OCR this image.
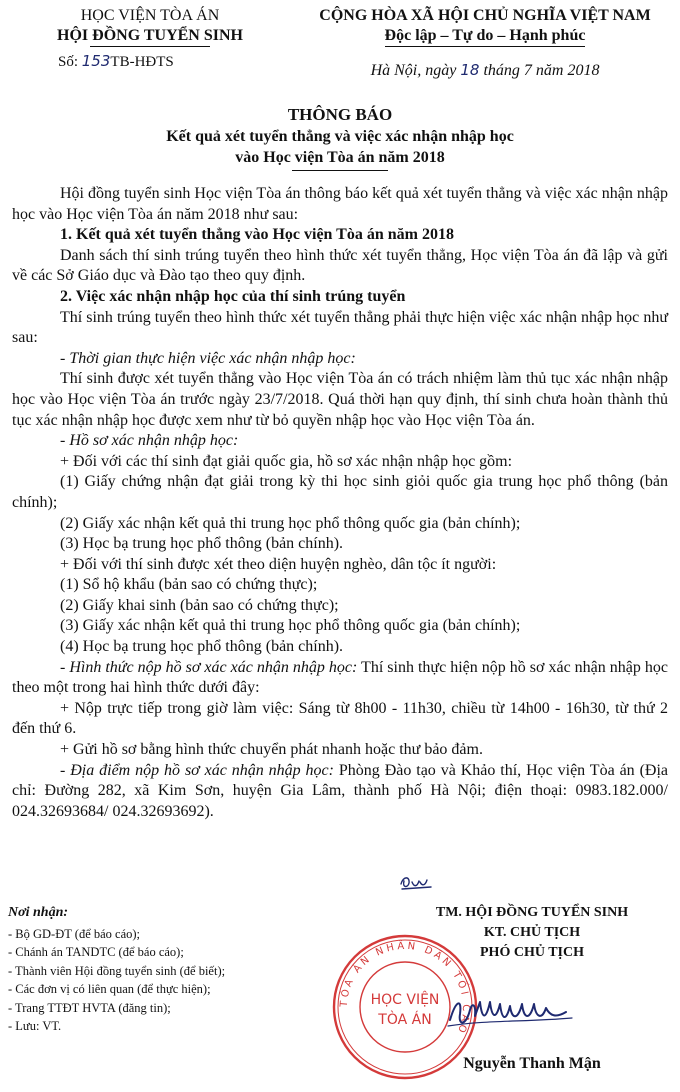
HỌC VIỆN TÒA ÁN
HỘI ĐỒNG TUYỂN SINH
Số: 153TB-HĐTS
CỘNG HÒA XÃ HỘI CHỦ NGHĨA VIỆT NAM
Độc lập – Tự do – Hạnh phúc
Hà Nội, ngày 18 tháng 7 năm 2018
THÔNG BÁO
Kết quả xét tuyển thẳng và việc xác nhận nhập học
vào Học viện Tòa án năm 2018

Hội đồng tuyển sinh Học viện Tòa án thông báo kết quả xét tuyển thẳng và việc xác nhận nhập học vào Học viện Tòa án năm 2018 như sau:

1. Kết quả xét tuyển thẳng vào Học viện Tòa án năm 2018

Danh sách thí sinh trúng tuyển theo hình thức xét tuyển thẳng, Học viện Tòa án đã lập và gửi về các Sở Giáo dục và Đào tạo theo quy định.

2. Việc xác nhận nhập học của thí sinh trúng tuyển

Thí sinh trúng tuyển theo hình thức xét tuyển thẳng phải thực hiện việc xác nhận nhập học như sau:

- Thời gian thực hiện việc xác nhận nhập học:

Thí sinh được xét tuyển thẳng vào Học viện Tòa án có trách nhiệm làm thủ tục xác nhận nhập học vào Học viện Tòa án trước ngày 23/7/2018. Quá thời hạn quy định, thí sinh chưa hoàn thành thủ tục xác nhận nhập học được xem như từ bỏ quyền nhập học vào Học viện Tòa án.

- Hồ sơ xác nhận nhập học:

+ Đối với các thí sinh đạt giải quốc gia, hồ sơ xác nhận nhập học gồm:

(1) Giấy chứng nhận đạt giải trong kỳ thi học sinh giỏi quốc gia trung học phổ thông (bản chính);

(2) Giấy xác nhận kết quả thi trung học phổ thông quốc gia (bản chính);

(3) Học bạ trung học phổ thông (bản chính).

+ Đối với thí sinh được xét theo diện huyện nghèo, dân tộc ít người:

(1) Sổ hộ khẩu (bản sao có chứng thực);

(2) Giấy khai sinh (bản sao có chứng thực);

(3) Giấy xác nhận kết quả thi trung học phổ thông quốc gia (bản chính);

(4) Học bạ trung học phổ thông (bản chính).

- Hình thức nộp hồ sơ xác xác nhận nhập học: Thí sinh thực hiện nộp hồ sơ xác nhận nhập học theo một trong hai hình thức dưới đây:

+ Nộp trực tiếp trong giờ làm việc: Sáng từ 8h00 - 11h30, chiều từ 14h00 - 16h30, từ thứ 2 đến thứ 6.

+ Gửi hồ sơ bằng hình thức chuyển phát nhanh hoặc thư bảo đảm.

- Địa điểm nộp hồ sơ xác nhận nhập học: Phòng Đào tạo và Khảo thí, Học viện Tòa án (Địa chỉ: Đường 282, xã Kim Sơn, huyện Gia Lâm, thành phố Hà Nội; điện thoại: 0983.182.000/ 024.32693684/ 024.32693692).

Nơi nhận:
- Bộ GD-ĐT (để báo cáo);
- Chánh án TANDTC (để báo cáo);
- Thành viên Hội đồng tuyển sinh (để biết);
- Các đơn vị có liên quan (để thực hiện);
- Trang TTĐT HVTA (đăng tin);
- Lưu: VT.
TM. HỘI ĐỒNG TUYỂN SINH
KT. CHỦ TỊCH
PHÓ CHỦ TỊCH
TÒA ÁN NHÂN DÂN TỐI CAO
HỌC VIỆN
TÒA ÁN
Nguyễn Thanh Mận
